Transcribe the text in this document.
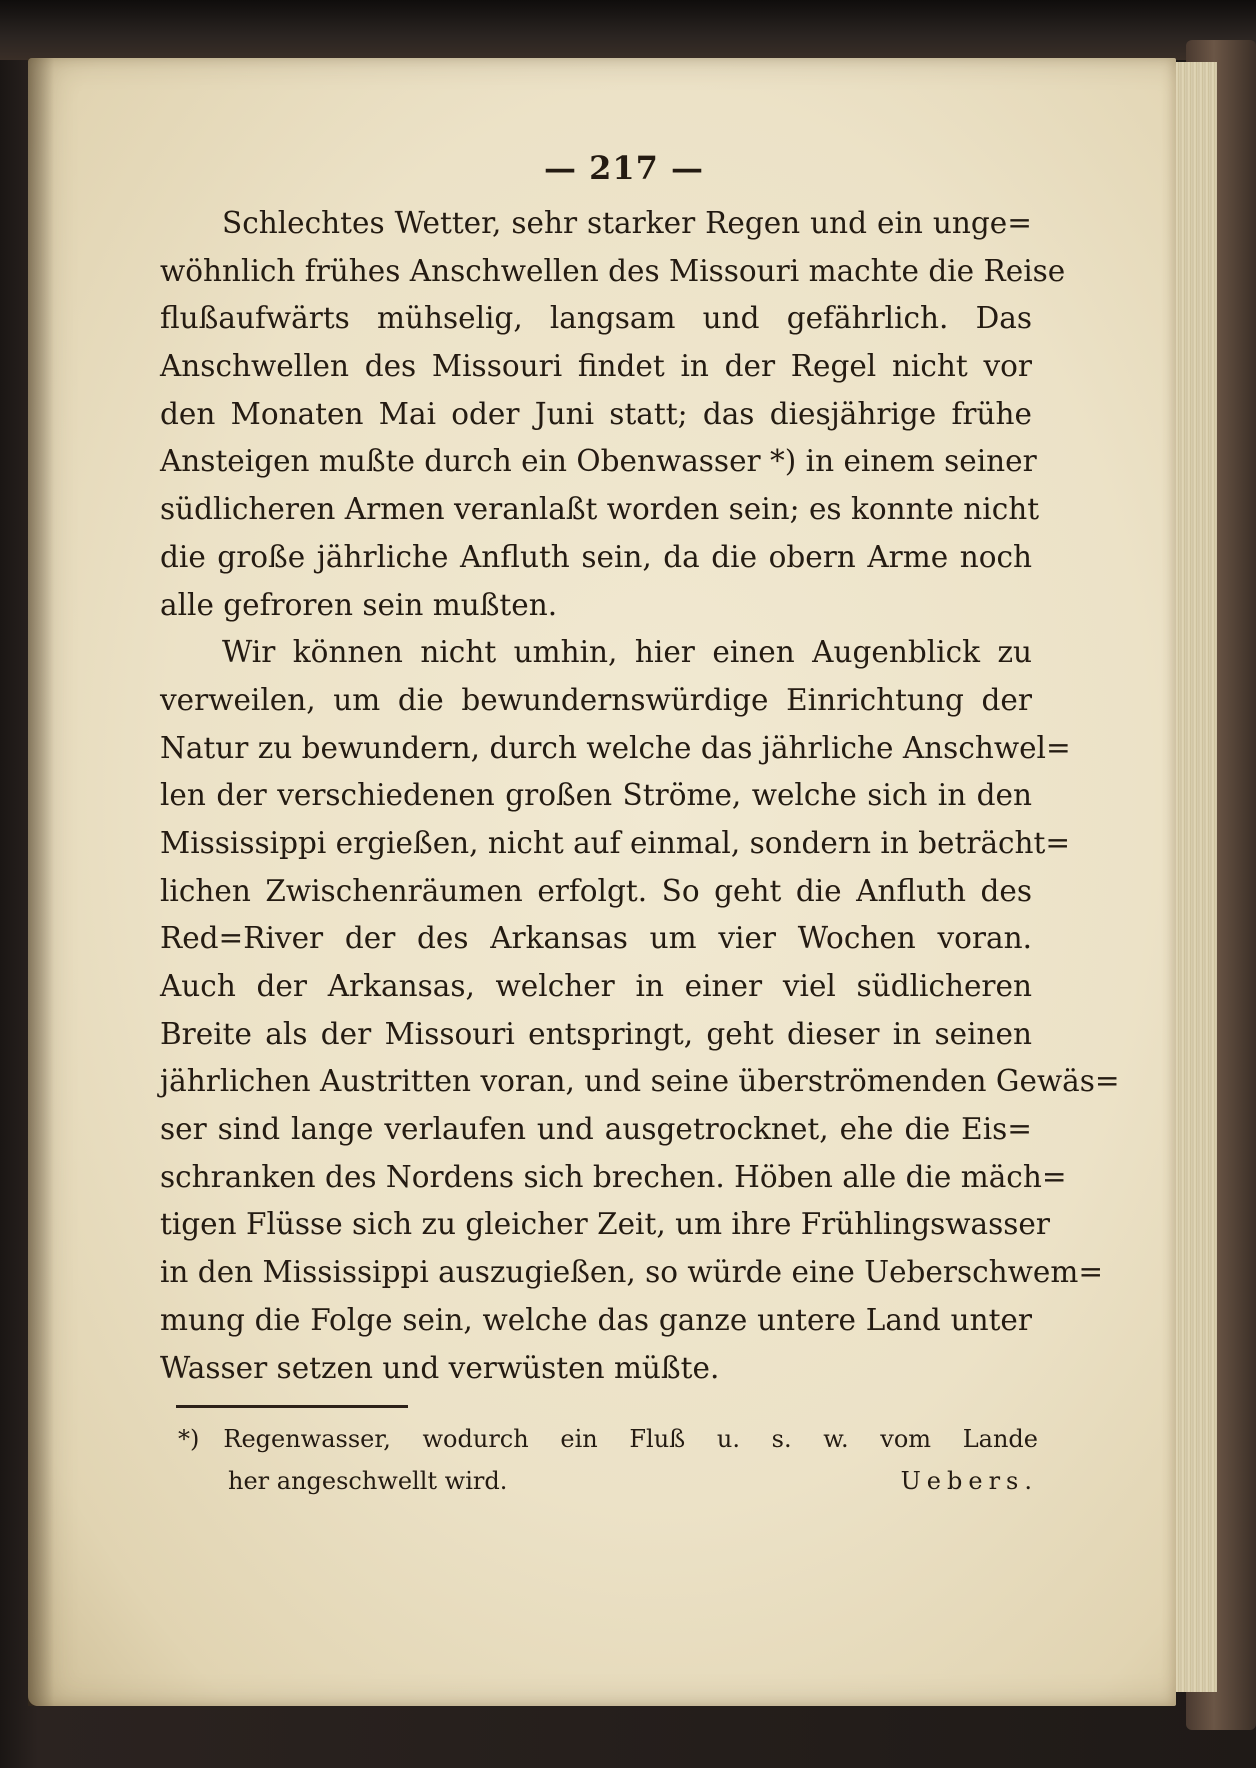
— 217 —
Schlechtes Wetter, sehr starker Regen und ein unge=
wöhnlich frühes Anschwellen des Missouri machte die Reise
flußaufwärts mühselig, langsam und gefährlich. Das
Anschwellen des Missouri findet in der Regel nicht vor
den Monaten Mai oder Juni statt; das diesjährige frühe
Ansteigen mußte durch ein Obenwasser *) in einem seiner
südlicheren Armen veranlaßt worden sein; es konnte nicht
die große jährliche Anfluth sein, da die obern Arme noch
alle gefroren sein mußten.
Wir können nicht umhin, hier einen Augenblick zu
verweilen, um die bewundernswürdige Einrichtung der
Natur zu bewundern, durch welche das jährliche Anschwel=
len der verschiedenen großen Ströme, welche sich in den
Mississippi ergießen, nicht auf einmal, sondern in beträcht=
lichen Zwischenräumen erfolgt. So geht die Anfluth des
Red=River der des Arkansas um vier Wochen voran.
Auch der Arkansas, welcher in einer viel südlicheren
Breite als der Missouri entspringt, geht dieser in seinen
jährlichen Austritten voran, und seine überströmenden Gewäs=
ser sind lange verlaufen und ausgetrocknet, ehe die Eis=
schranken des Nordens sich brechen. Höben alle die mäch=
tigen Flüsse sich zu gleicher Zeit, um ihre Frühlingswasser
in den Mississippi auszugießen, so würde eine Ueberschwem=
mung die Folge sein, welche das ganze untere Land unter
Wasser setzen und verwüsten müßte.
*) Regenwasser, wodurch ein Fluß u. s. w. vom Lande
her angeschwellt wird.	Uebers.
